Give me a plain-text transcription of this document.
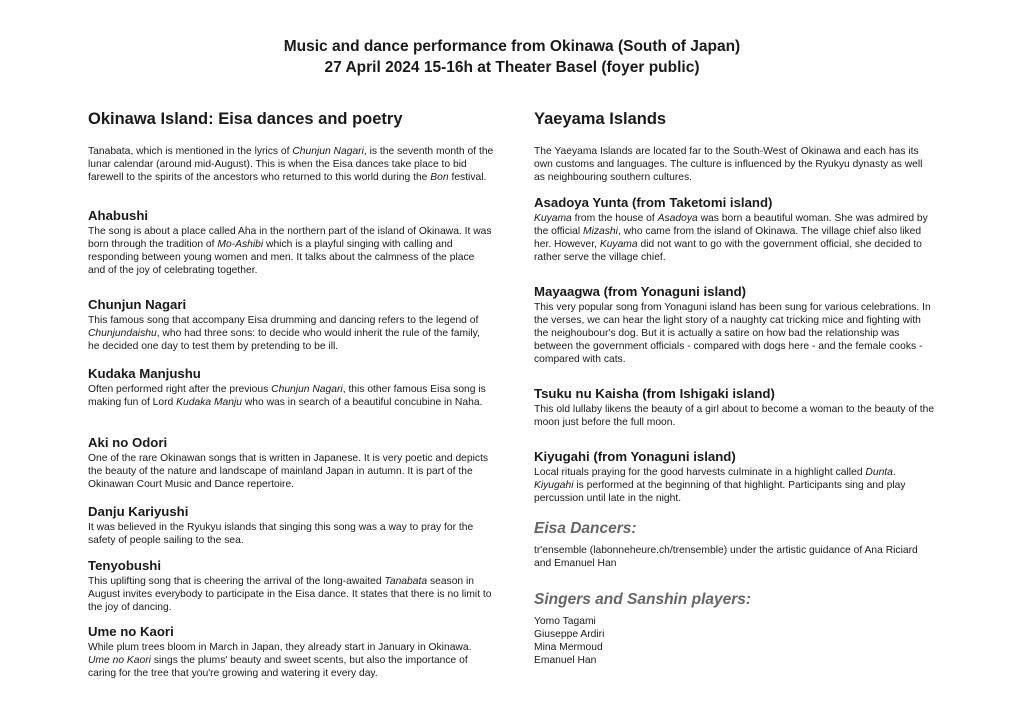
Music and dance performance from Okinawa (South of Japan)
27 April 2024 15-16h at Theater Basel (foyer public)
Okinawa Island: Eisa dances and poetry

Tanabata, which is mentioned in the lyrics of Chunjun Nagari, is the seventh month of the lunar calendar (around mid-August). This is when the Eisa dances take place to bid farewell to the spirits of the ancestors who returned to this world during the Bon festival.

Ahabushi

The song is about a place called Aha in the northern part of the island of Okinawa. It was born through the tradition of Mo-Ashibi which is a playful singing with calling and responding between young women and men. It talks about the calmness of the place and of the joy of celebrating together.

Chunjun Nagari

This famous song that accompany Eisa drumming and dancing refers to the legend of Chunjundaishu, who had three sons: to decide who would inherit the rule of the family, he decided one day to test them by pretending to be ill.

Kudaka Manjushu

Often performed right after the previous Chunjun Nagari, this other famous Eisa song is making fun of Lord Kudaka Manju who was in search of a beautiful concubine in Naha.

Aki no Odori

One of the rare Okinawan songs that is written in Japanese. It is very poetic and depicts the beauty of the nature and landscape of mainland Japan in autumn. It is part of the Okinawan Court Music and Dance repertoire.

Danju Kariyushi

It was believed in the Ryukyu islands that singing this song was a way to pray for the safety of people sailing to the sea.

Tenyobushi

This uplifting song that is cheering the arrival of the long-awaited Tanabata season in August invites everybody to participate in the Eisa dance. It states that there is no limit to the joy of dancing.

Ume no Kaori

While plum trees bloom in March in Japan, they already start in January in Okinawa. Ume no Kaori sings the plums' beauty and sweet scents, but also the importance of caring for the tree that you're growing and watering it every day.

Yaeyama Islands

The Yaeyama Islands are located far to the South-West of Okinawa and each has its own customs and languages. The culture is influenced by the Ryukyu dynasty as well as neighbouring southern cultures.

Asadoya Yunta (from Taketomi island)

Kuyama from the house of Asadoya was born a beautiful woman. She was admired by the official Mizashi, who came from the island of Okinawa. The village chief also liked her. However, Kuyama did not want to go with the government official, she decided to rather serve the village chief.

Mayaagwa (from Yonaguni island)

This very popular song from Yonaguni island has been sung for various celebrations. In the verses, we can hear the light story of a naughty cat tricking mice and fighting with the neighoubour's dog. But it is actually a satire on how bad the relationship was between the government officials - compared with dogs here - and the female cooks - compared with cats.

Tsuku nu Kaisha (from Ishigaki island)

This old lullaby likens the beauty of a girl about to become a woman to the beauty of the moon just before the full moon.

Kiyugahi (from Yonaguni island)

Local rituals praying for the good harvests culminate in a highlight called Dunta. Kiyugahi is performed at the beginning of that highlight. Participants sing and play percussion until late in the night.

Eisa Dancers:

tr'ensemble (labonneheure.ch/trensemble) under the artistic guidance of Ana Riciard and Emanuel Han

Singers and Sanshin players:

Yomo Tagami

Giuseppe Ardiri

Mina Mermoud

Emanuel Han
